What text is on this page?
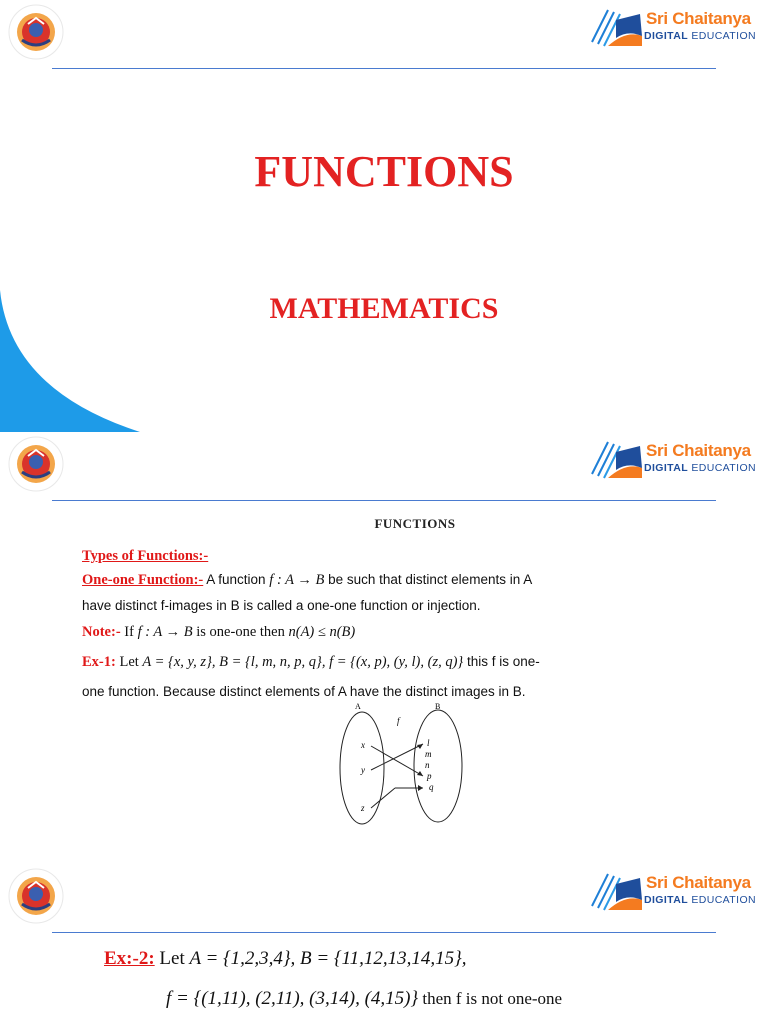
Sri Chaitanya
DIGITAL EDUCATION
FUNCTIONS
MATHEMATICS
Sri Chaitanya
DIGITAL EDUCATION
FUNCTIONS
Types of Functions:-
One-one Function:- A function f : A → B be such that distinct elements in A
have distinct f-images in B is called a one-one function or injection.
Note:- If f : A → B is one-one then n(A) ≤ n(B)
Ex-1: Let A = {x, y, z}, B = {l, m, n, p, q}, f = {(x, p), (y, l), (z, q)} this f is one-
one function. Because distinct elements of A have the distinct images in B.
A
f
B
x
y
z
l
m
n
p
q
Sri Chaitanya
DIGITAL EDUCATION
Ex:-2: Let A = {1,2,3,4}, B = {11,12,13,14,15},
f = {(1,11), (2,11), (3,14), (4,15)} then f is not one-one
